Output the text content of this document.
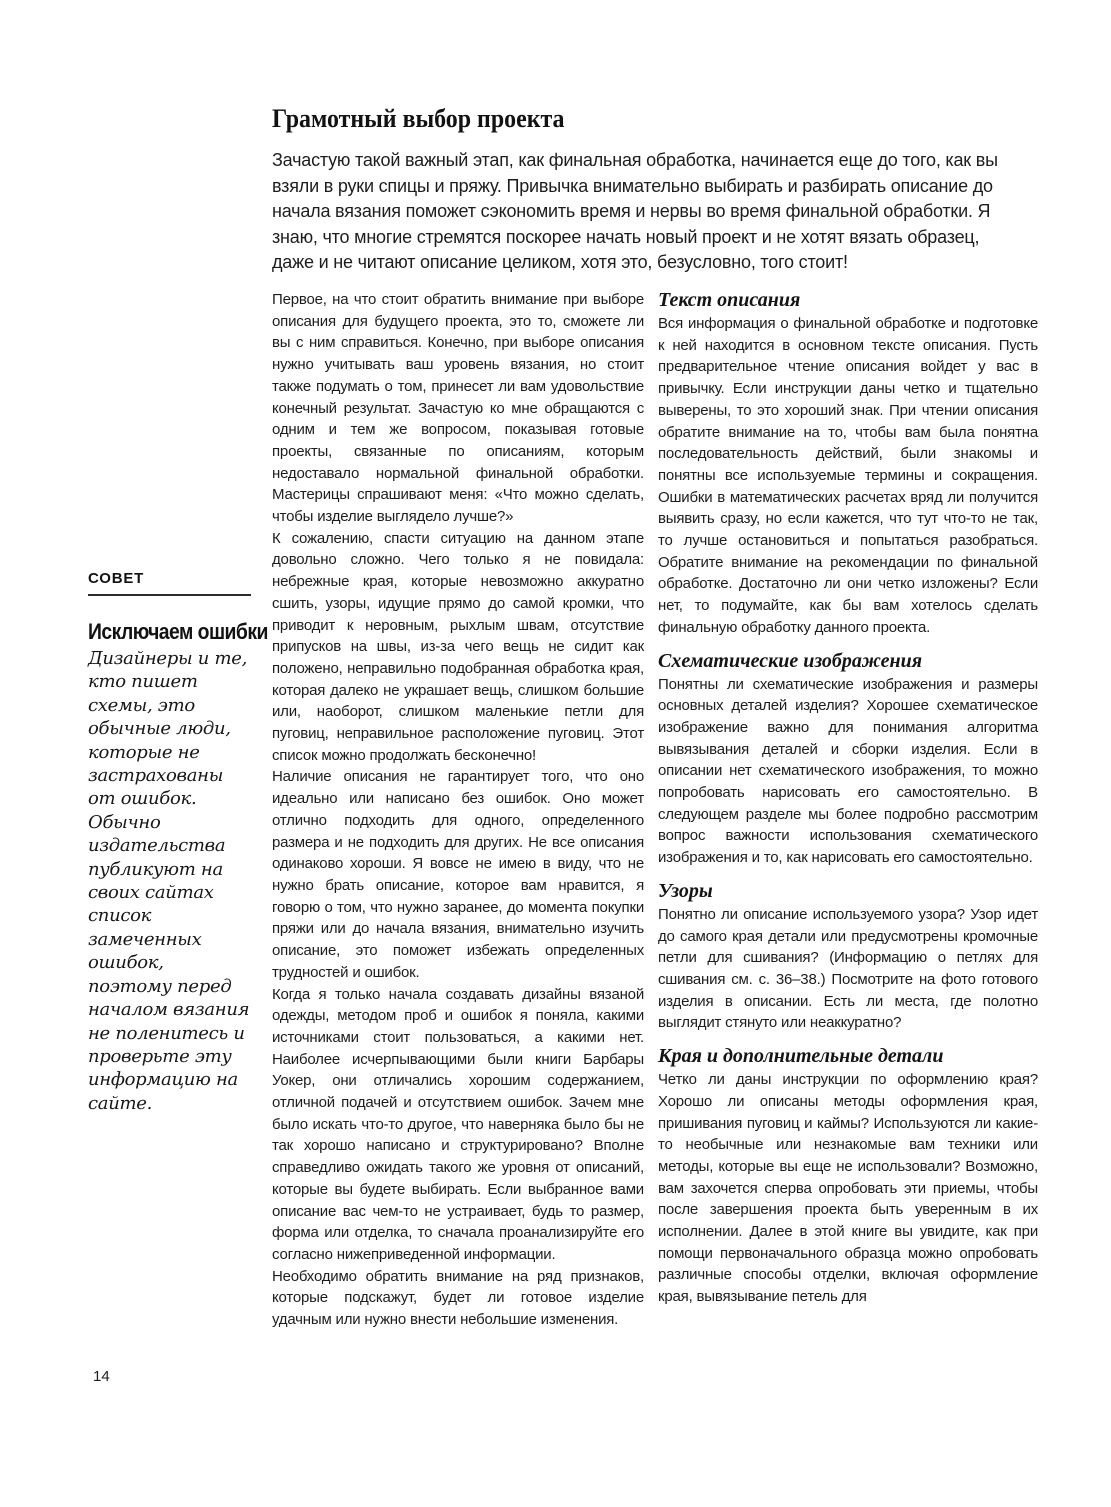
Грамотный выбор проекта

Зачастую такой важный этап, как финальная обработка, начинается еще до того, как вы взяли в руки спицы и пряжу. Привычка внимательно выбирать и разбирать описание до начала вязания поможет сэкономить время и нервы во время финальной обработки. Я знаю, что многие стремятся поскорее начать новый проект и не хотят вязать образец, даже и не читают описание целиком, хотя это, безусловно, того стоит!

СОВЕТ
Исключаем ошибки

Дизайнеры и те, кто пишет схемы, это обычные люди, которые не застрахованы от ошибок. Обычно издательства публикуют на своих сайтах список замеченных ошибок, поэтому перед началом вязания не поленитесь и проверьте эту информацию на сайте.

Первое, на что стоит обратить внимание при выборе описания для будущего проекта, это то, сможете ли вы с ним справиться. Конечно, при выборе описания нужно учитывать ваш уровень вязания, но стоит также подумать о том, принесет ли вам удовольствие конечный результат. Зачастую ко мне обращаются с одним и тем же вопросом, показывая готовые проекты, связанные по описаниям, которым недоставало нормальной финальной обработки. Мастерицы спрашивают меня: «Что можно сделать, чтобы изделие выглядело лучше?»

К сожалению, спасти ситуацию на данном этапе довольно сложно. Чего только я не повидала: небрежные края, которые невозможно аккуратно сшить, узоры, идущие прямо до самой кромки, что приводит к неровным, рыхлым швам, отсутствие припусков на швы, из-за чего вещь не сидит как положено, неправильно подобранная обработка края, которая далеко не украшает вещь, слишком большие или, наоборот, слишком маленькие петли для пуговиц, неправильное расположение пуговиц. Этот список можно продолжать бесконечно!

Наличие описания не гарантирует того, что оно идеально или написано без ошибок. Оно может отлично подходить для одного, определенного размера и не подходить для других. Не все описания одинаково хороши. Я вовсе не имею в виду, что не нужно брать описание, которое вам нравится, я говорю о том, что нужно заранее, до момента покупки пряжи или до начала вязания, внимательно изучить описание, это поможет избежать определенных трудностей и ошибок.

Когда я только начала создавать дизайны вязаной одежды, методом проб и ошибок я поняла, какими источниками стоит пользоваться, а какими нет. Наиболее исчерпывающими были книги Барбары Уокер, они отличались хорошим содержанием, отличной подачей и отсутствием ошибок. Зачем мне было искать что-то другое, что наверняка было бы не так хорошо написано и структурировано? Вполне справедливо ожидать такого же уровня от описаний, которые вы будете выбирать. Если выбранное вами описание вас чем-то не устраивает, будь то размер, форма или отделка, то сначала проанализируйте его согласно нижеприведенной информации.

Необходимо обратить внимание на ряд признаков, которые подскажут, будет ли готовое изделие удачным или нужно внести небольшие изменения.

Текст описания

Вся информация о финальной обработке и подготовке к ней находится в основном тексте описания. Пусть предварительное чтение описания войдет у вас в привычку. Если инструкции даны четко и тщательно выверены, то это хороший знак. При чтении описания обратите внимание на то, чтобы вам была понятна последовательность действий, были знакомы и понятны все используемые термины и сокращения. Ошибки в математических расчетах вряд ли получится выявить сразу, но если кажется, что тут что-то не так, то лучше остановиться и попытаться разобраться. Обратите внимание на рекомендации по финальной обработке. Достаточно ли они четко изложены? Если нет, то подумайте, как бы вам хотелось сделать финальную обработку данного проекта.

Схематические изображения

Понятны ли схематические изображения и размеры основных деталей изделия? Хорошее схематическое изображение важно для понимания алгоритма вывязывания деталей и сборки изделия. Если в описании нет схематического изображения, то можно попробовать нарисовать его самостоятельно. В следующем разделе мы более подробно рассмотрим вопрос важности использования схематического изображения и то, как нарисовать его самостоятельно.

Узоры

Понятно ли описание используемого узора? Узор идет до самого края детали или предусмотрены кромочные петли для сшивания? (Информацию о петлях для сшивания см. с. 36–38.) Посмотрите на фото готового изделия в описании. Есть ли места, где полотно выглядит стянуто или неаккуратно?

Края и дополнительные детали

Четко ли даны инструкции по оформлению края? Хорошо ли описаны методы оформления края, пришивания пуговиц и каймы? Используются ли какие-то необычные или незнакомые вам техники или методы, которые вы еще не использовали? Возможно, вам захочется сперва опробовать эти приемы, чтобы после завершения проекта быть уверенным в их исполнении. Далее в этой книге вы увидите, как при помощи первоначального образца можно опробовать различные способы отделки, включая оформление края, вывязывание петель для

14
